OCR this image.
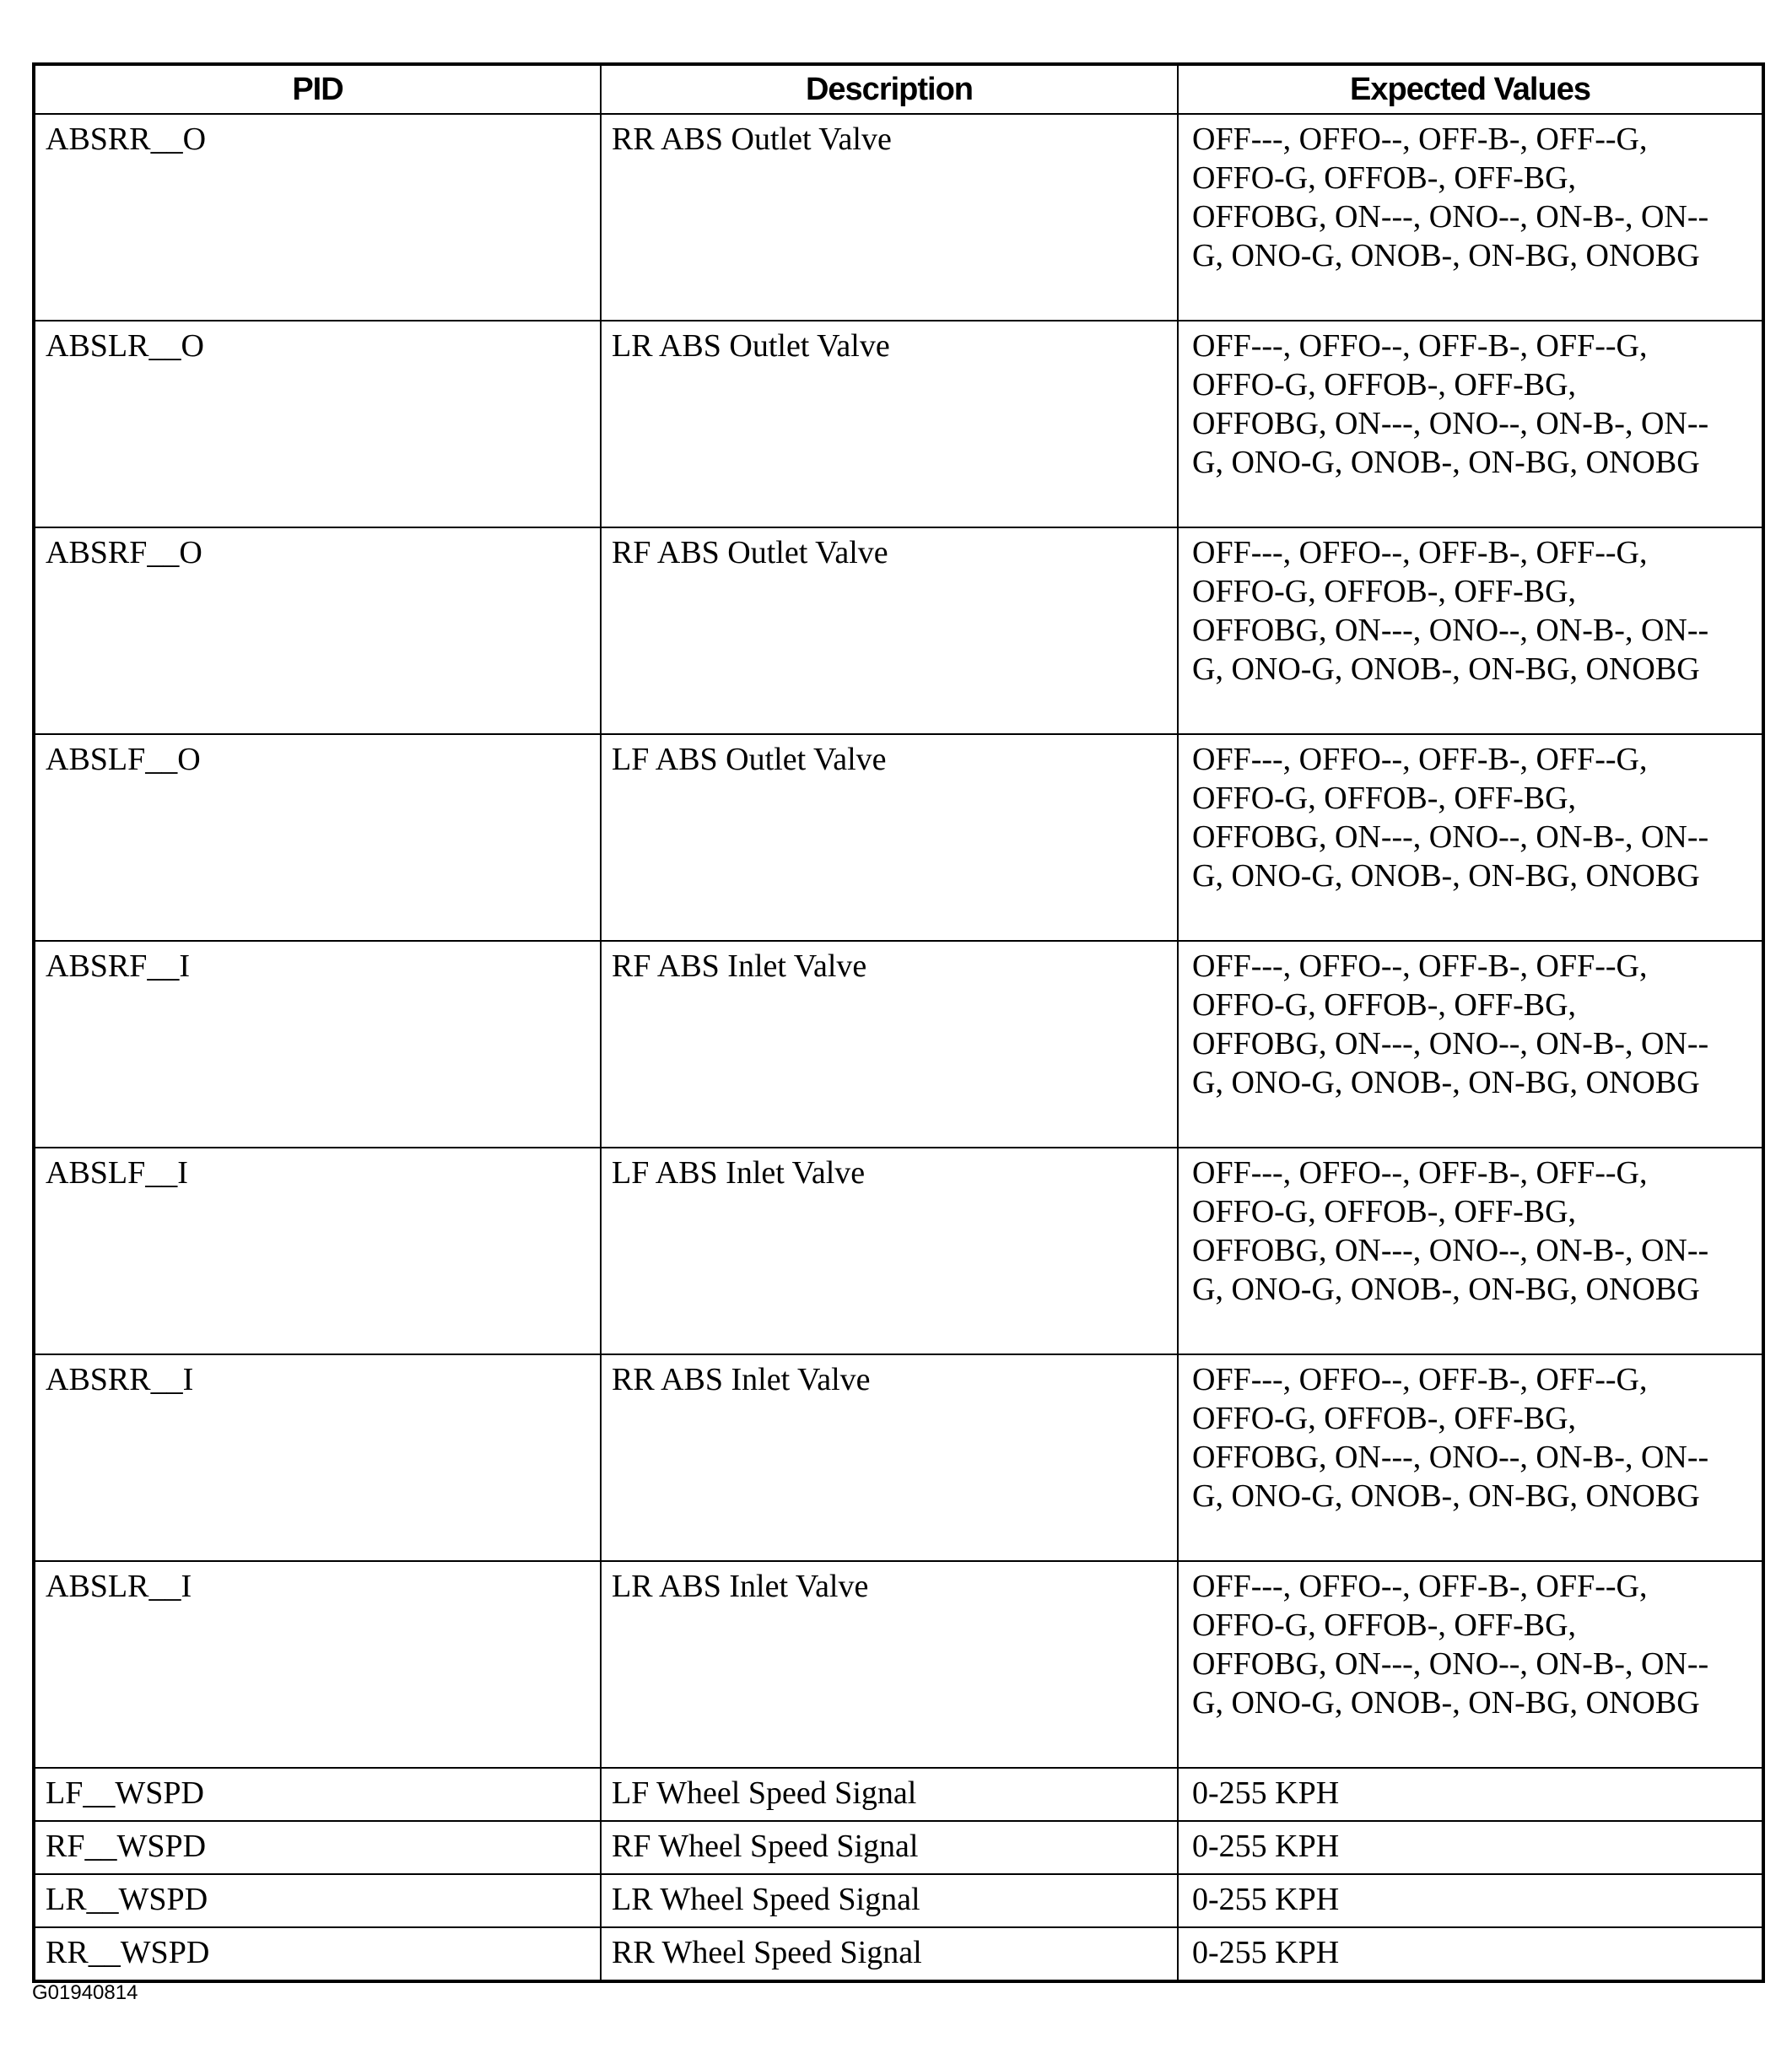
PID	Description	Expected Values
ABSRR__O	RR ABS Outlet Valve	OFF---, OFFO--, OFF-B-, OFF--G, OFFO-G, OFFOB-, OFF-BG, OFFOBG, ON---, ONO--, ON-B-, ON--G, ONO-G, ONOB-, ON-BG, ONOBG
ABSLR__O	LR ABS Outlet Valve	OFF---, OFFO--, OFF-B-, OFF--G, OFFO-G, OFFOB-, OFF-BG, OFFOBG, ON---, ONO--, ON-B-, ON--G, ONO-G, ONOB-, ON-BG, ONOBG
ABSRF__O	RF ABS Outlet Valve	OFF---, OFFO--, OFF-B-, OFF--G, OFFO-G, OFFOB-, OFF-BG, OFFOBG, ON---, ONO--, ON-B-, ON--G, ONO-G, ONOB-, ON-BG, ONOBG
ABSLF__O	LF ABS Outlet Valve	OFF---, OFFO--, OFF-B-, OFF--G, OFFO-G, OFFOB-, OFF-BG, OFFOBG, ON---, ONO--, ON-B-, ON--G, ONO-G, ONOB-, ON-BG, ONOBG
ABSRF__I	RF ABS Inlet Valve	OFF---, OFFO--, OFF-B-, OFF--G, OFFO-G, OFFOB-, OFF-BG, OFFOBG, ON---, ONO--, ON-B-, ON--G, ONO-G, ONOB-, ON-BG, ONOBG
ABSLF__I	LF ABS Inlet Valve	OFF---, OFFO--, OFF-B-, OFF--G, OFFO-G, OFFOB-, OFF-BG, OFFOBG, ON---, ONO--, ON-B-, ON--G, ONO-G, ONOB-, ON-BG, ONOBG
ABSRR__I	RR ABS Inlet Valve	OFF---, OFFO--, OFF-B-, OFF--G, OFFO-G, OFFOB-, OFF-BG, OFFOBG, ON---, ONO--, ON-B-, ON--G, ONO-G, ONOB-, ON-BG, ONOBG
ABSLR__I	LR ABS Inlet Valve	OFF---, OFFO--, OFF-B-, OFF--G, OFFO-G, OFFOB-, OFF-BG, OFFOBG, ON---, ONO--, ON-B-, ON--G, ONO-G, ONOB-, ON-BG, ONOBG
LF__WSPD	LF Wheel Speed Signal	0-255 KPH
RF__WSPD	RF Wheel Speed Signal	0-255 KPH
LR__WSPD	LR Wheel Speed Signal	0-255 KPH
RR__WSPD	RR Wheel Speed Signal	0-255 KPH
G01940814
